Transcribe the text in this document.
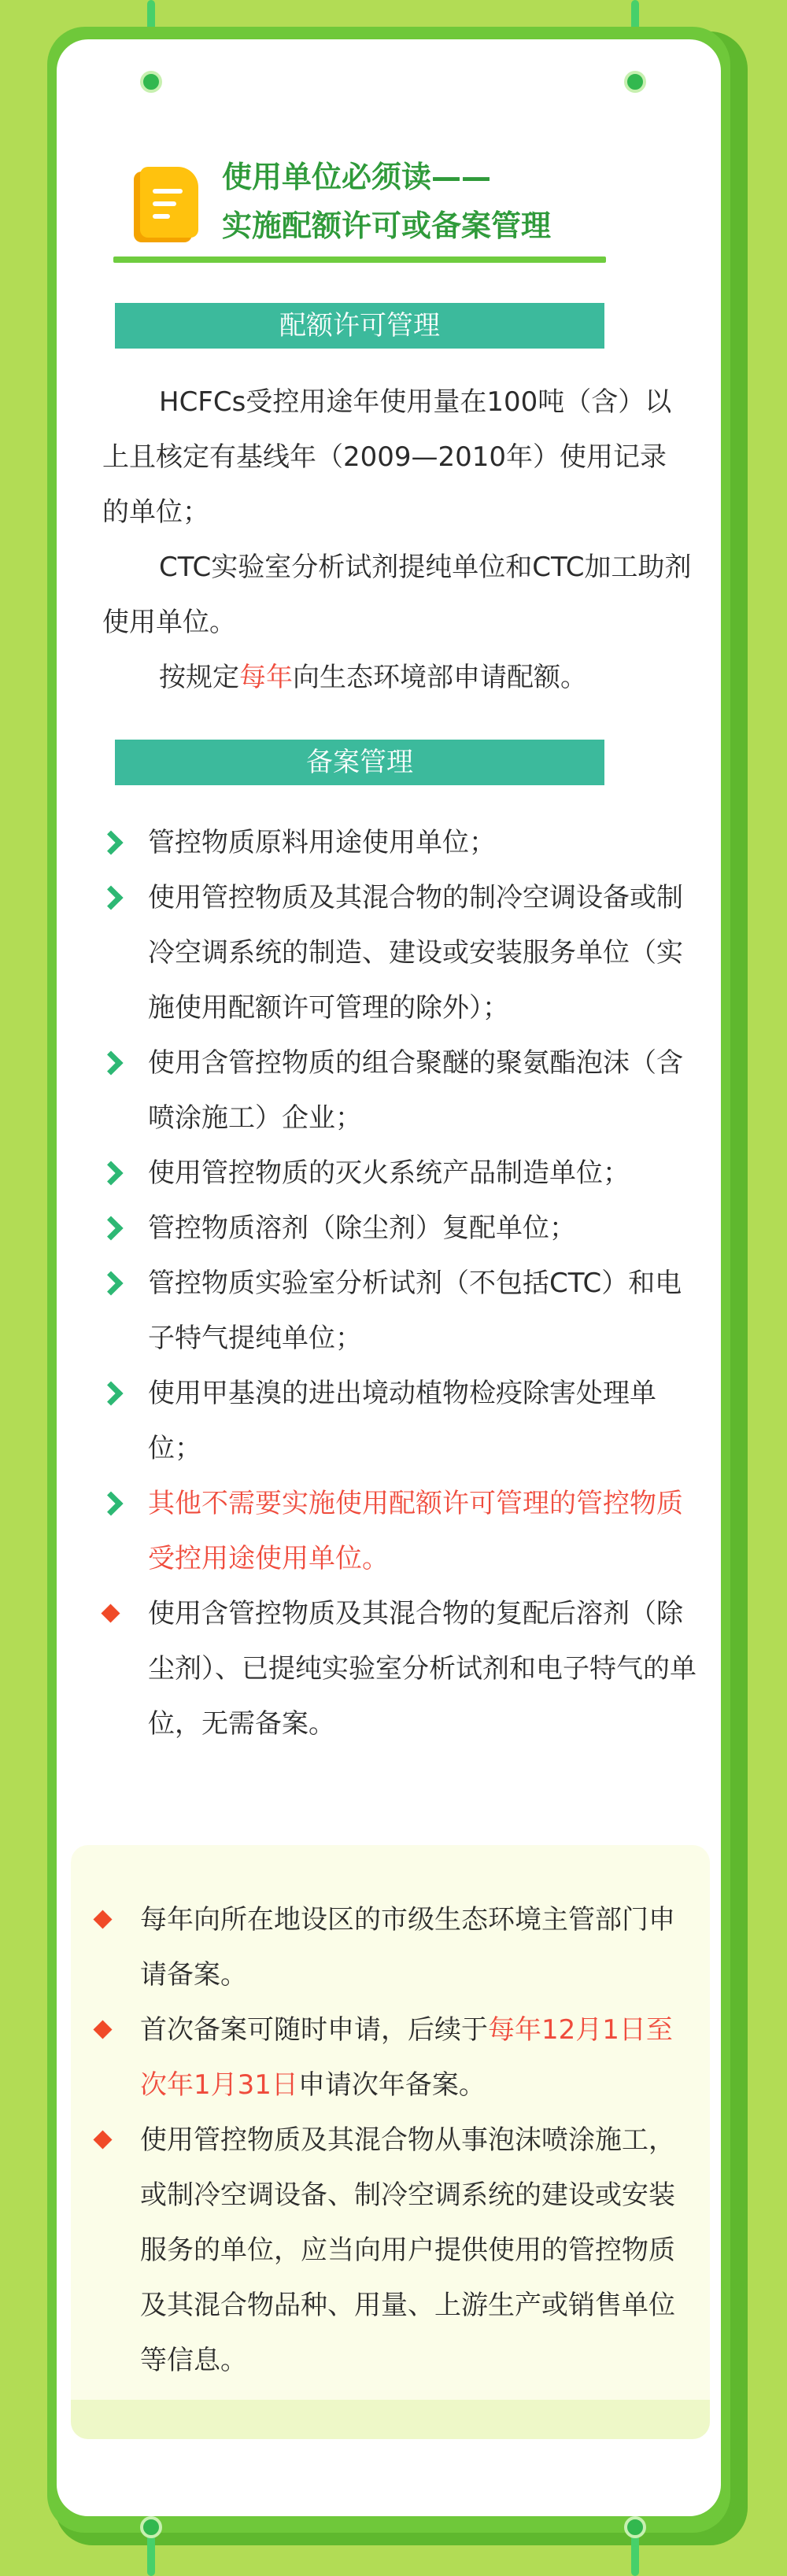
使用单位必须读——
实施配额许可或备案管理
配额许可管理
HCFCs受控用途年使用量在100吨（含）以上且核定有基线年（2009—2010年）使用记录的单位；
CTC实验室分析试剂提纯单位和CTC加工助剂使用单位。
按规定每年向生态环境部申请配额。
备案管理
管控物质原料用途使用单位；
使用管控物质及其混合物的制冷空调设备或制冷空调系统的制造、建设或安装服务单位（实施使用配额许可管理的除外）；
使用含管控物质的组合聚醚的聚氨酯泡沫（含喷涂施工）企业；
使用管控物质的灭火系统产品制造单位；
管控物质溶剂（除尘剂）复配单位；
管控物质实验室分析试剂（不包括CTC）和电子特气提纯单位；
使用甲基溴的进出境动植物检疫除害处理单位；
其他不需要实施使用配额许可管理的管控物质受控用途使用单位。
使用含管控物质及其混合物的复配后溶剂（除尘剂）、已提纯实验室分析试剂和电子特气的单位，无需备案。
每年向所在地设区的市级生态环境主管部门申请备案。
首次备案可随时申请，后续于每年12月1日至次年1月31日申请次年备案。
使用管控物质及其混合物从事泡沫喷涂施工，或制冷空调设备、制冷空调系统的建设或安装服务的单位，应当向用户提供使用的管控物质及其混合物品种、用量、上游生产或销售单位等信息。
